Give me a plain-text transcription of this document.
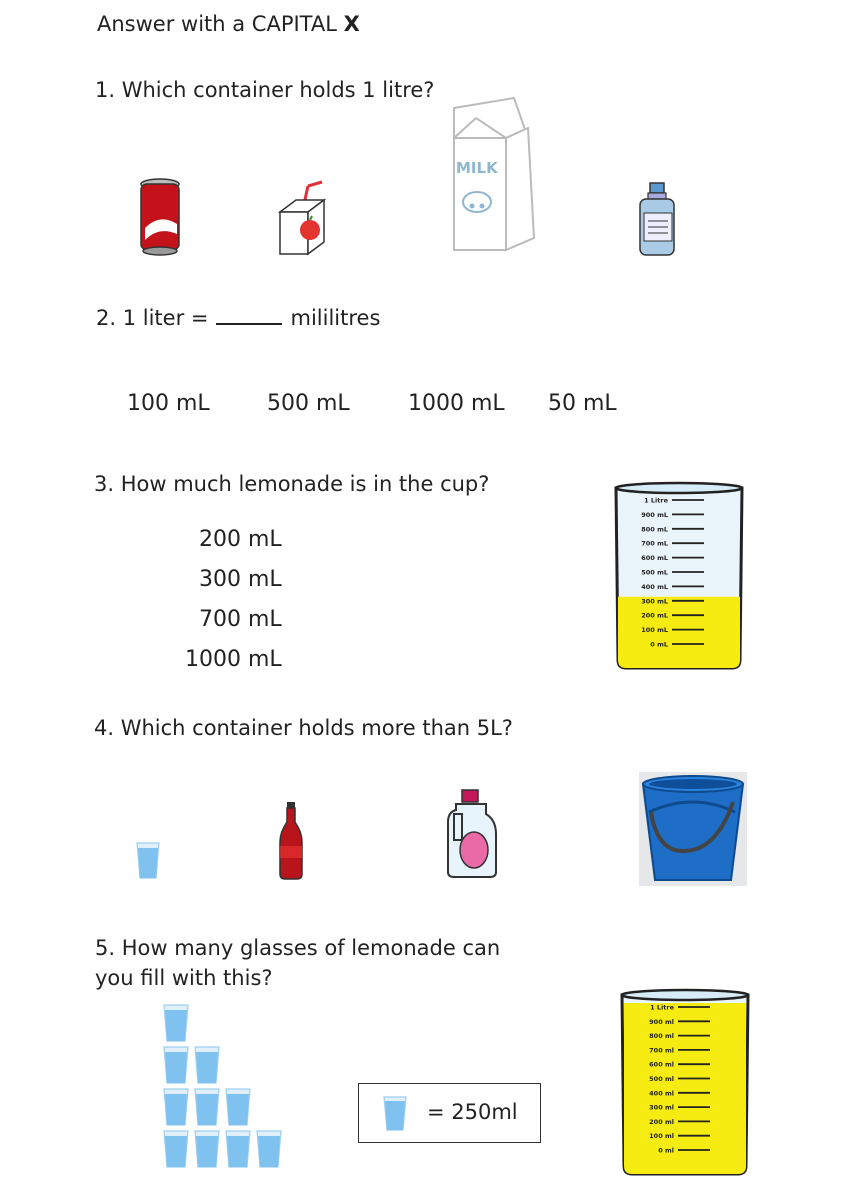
Answer with a CAPITAL X
1. Which container holds 1 litre?
MILK
2. 1 liter =	mililitres
100 mL	500 mL	1000 mL 50 mL
3. How much lemonade is in the cup?
200 mL
300 mL
700 mL
1000 mL
1 Litre
900 mL
800 mL
700 mL
600 mL
500 mL
400 mL
300 mL
200 mL
100 mL
0 mL
4. Which container holds more than 5L?
5. How many glasses of lemonade can
you fill with this?
= 250ml
1 Litre
900 ml
800 ml
700 ml
600 ml
500 ml
400 ml
300 ml
200 ml
100 ml
0 ml
